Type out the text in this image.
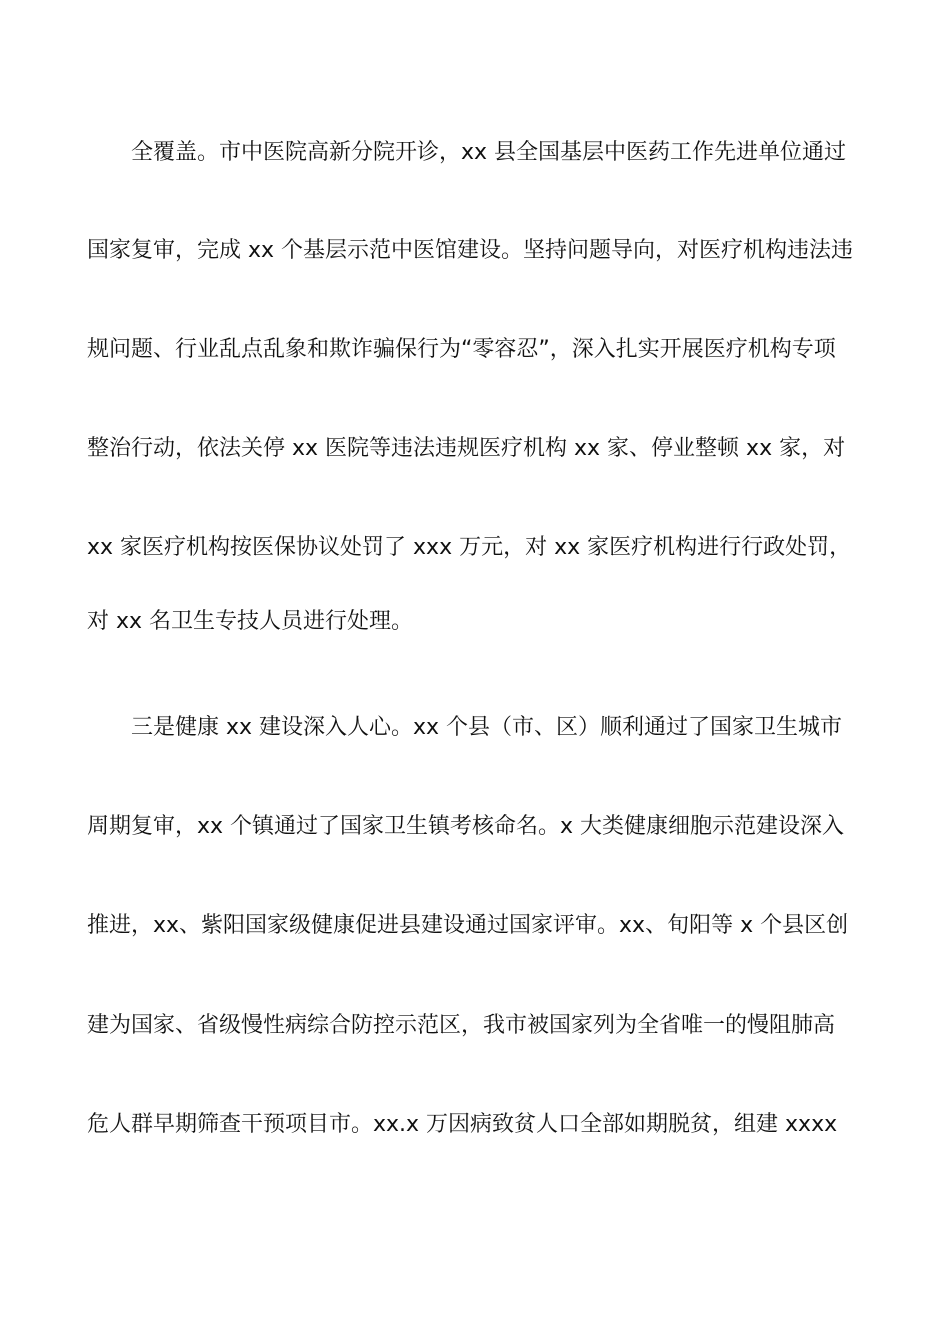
全覆盖。市中医院高新分院开诊，xx 县全国基层中医药工作先进单位通过
国家复审，完成 xx 个基层示范中医馆建设。坚持问题导向，对医疗机构违法违
规问题、行业乱点乱象和欺诈骗保行为“零容忍”，深入扎实开展医疗机构专项
整治行动，依法关停 xx 医院等违法违规医疗机构 xx 家、停业整顿 xx 家，对
xx 家医疗机构按医保协议处罚了 xxx 万元，对 xx 家医疗机构进行行政处罚，
对 xx 名卫生专技人员进行处理。
三是健康 xx 建设深入人心。xx 个县（市、区）顺利通过了国家卫生城市
周期复审，xx 个镇通过了国家卫生镇考核命名。x 大类健康细胞示范建设深入
推进，xx、紫阳国家级健康促进县建设通过国家评审。xx、旬阳等 x 个县区创
建为国家、省级慢性病综合防控示范区，我市被国家列为全省唯一的慢阻肺高
危人群早期筛查干预项目市。xx.x 万因病致贫人口全部如期脱贫，组建 xxxx
